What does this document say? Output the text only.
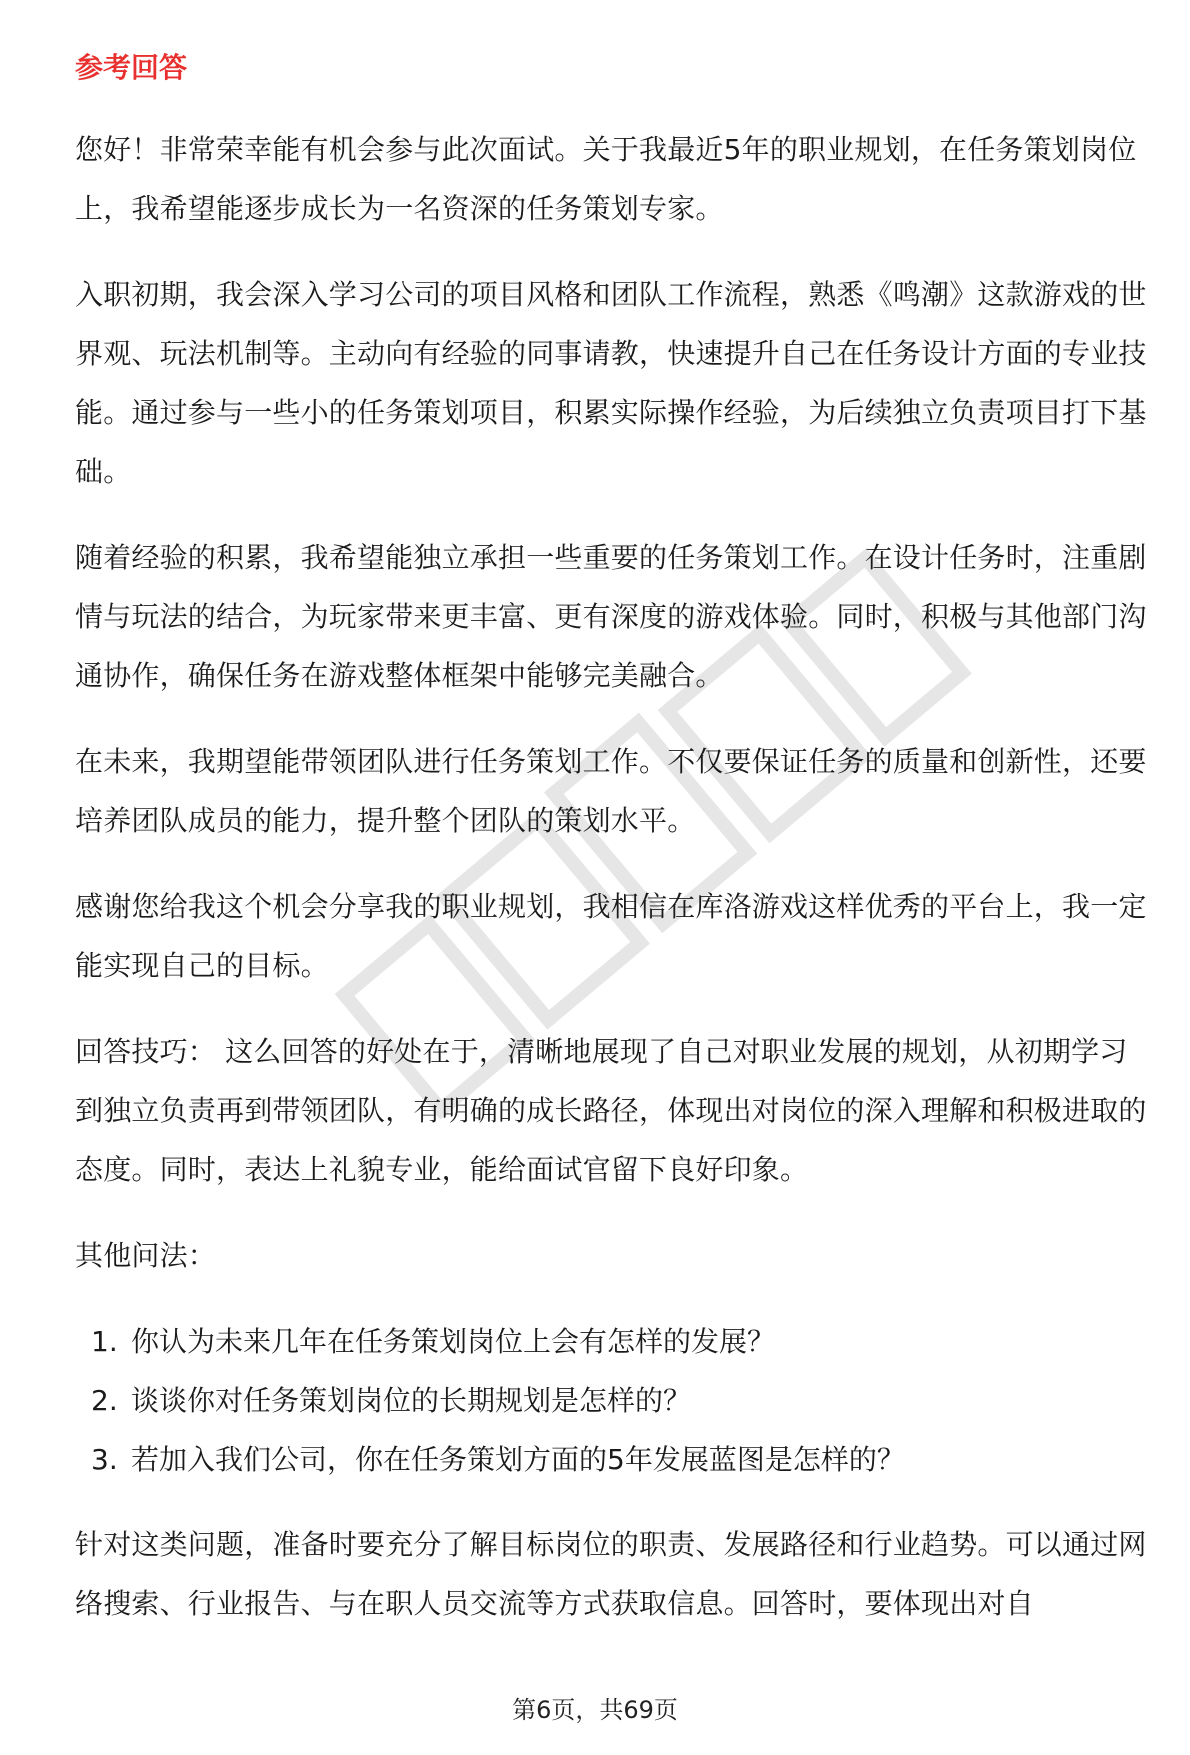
参考回答
您好！非常荣幸能有机会参与此次面试。关于我最近5年的职业规划，在任务策划岗位上，我希望能逐步成长为一名资深的任务策划专家。
入职初期，我会深入学习公司的项目风格和团队工作流程，熟悉《鸣潮》这款游戏的世界观、玩法机制等。主动向有经验的同事请教，快速提升自己在任务设计方面的专业技能。通过参与一些小的任务策划项目，积累实际操作经验，为后续独立负责项目打下基础。
随着经验的积累，我希望能独立承担一些重要的任务策划工作。在设计任务时，注重剧情与玩法的结合，为玩家带来更丰富、更有深度的游戏体验。同时，积极与其他部门沟通协作，确保任务在游戏整体框架中能够完美融合。
在未来，我期望能带领团队进行任务策划工作。不仅要保证任务的质量和创新性，还要培养团队成员的能力，提升整个团队的策划水平。
感谢您给我这个机会分享我的职业规划，我相信在库洛游戏这样优秀的平台上，我一定能实现自己的目标。
回答技巧： 这么回答的好处在于，清晰地展现了自己对职业发展的规划，从初期学习到独立负责再到带领团队，有明确的成长路径，体现出对岗位的深入理解和积极进取的态度。同时，表达上礼貌专业，能给面试官留下良好印象。
其他问法：
1. 你认为未来几年在任务策划岗位上会有怎样的发展？
2. 谈谈你对任务策划岗位的长期规划是怎样的？
3. 若加入我们公司，你在任务策划方面的5年发展蓝图是怎样的？
针对这类问题，准备时要充分了解目标岗位的职责、发展路径和行业趋势。可以通过网络搜索、行业报告、与在职人员交流等方式获取信息。回答时，要体现出对自
第6页，共69页
